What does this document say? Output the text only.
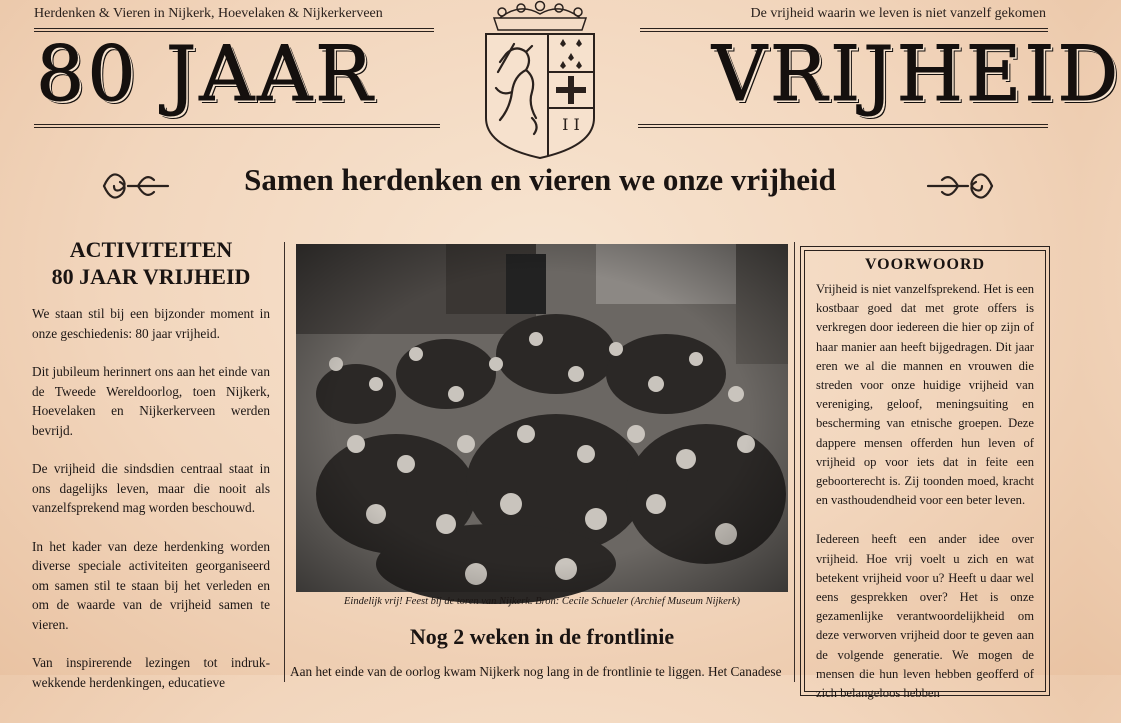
Herdenken & Vieren in Nijkerk, Hoevelaken & Nijkerkerveen	De vrijheid waarin we leven is niet vanzelf gekomen
80 JAAR	VRIJHEID
I I
Samen herdenken en vieren we onze vrijheid
ACTIVITEITEN
80 JAAR VRIJHEID

We staan stil bij een bijzonder moment in onze geschiedenis: 80 jaar vrijheid.

Dit jubileum herinnert ons aan het einde van de Tweede Wereldoorlog, toen Nijkerk, Hoevelaken en Nijkerkerveen werden bevrijd.

De vrijheid die sindsdien centraal staat in ons dagelijks leven, maar die nooit als vanzelfsprekend mag worden beschouwd.

In het kader van deze herdenking worden diverse speciale activiteiten georganiseerd om samen stil te staan bij het verleden en om de waarde van de vrijheid samen te vieren.

Van inspirerende lezingen tot indruk-wekkende herdenkingen, educatieve

Eindelijk vrij! Feest bij de toren van Nijkerk. Bron: Cecile Schueler (Archief Museum Nijkerk)
Nog 2 weken in de frontlinie
Aan het einde van de oorlog kwam Nijkerk nog lang in de frontlinie te liggen. Het Canadese
VOORWOORD

Vrijheid is niet vanzelfsprekend. Het is een kostbaar goed dat met grote offers is verkregen door iedereen die hier op zijn of haar manier aan heeft bijgedragen. Dit jaar eren we al die mannen en vrouwen die streden voor onze huidige vrijheid van vereniging, geloof, meningsuiting en bescherming van etnische groepen. Deze dappere mensen offerden hun leven of vrijheid op voor iets dat in feite een geboorterecht is. Zij toonden moed, kracht en vasthoudendheid voor een beter leven.

Iedereen heeft een ander idee over vrijheid. Hoe vrij voelt u zich en wat betekent vrijheid voor u? Heeft u daar wel eens gesprekken over? Het is onze gezamenlijke verantwoordelijkheid om deze verworven vrijheid door te geven aan de volgende generatie. We mogen de mensen die hun leven hebben geofferd of zich belangeloos hebben
